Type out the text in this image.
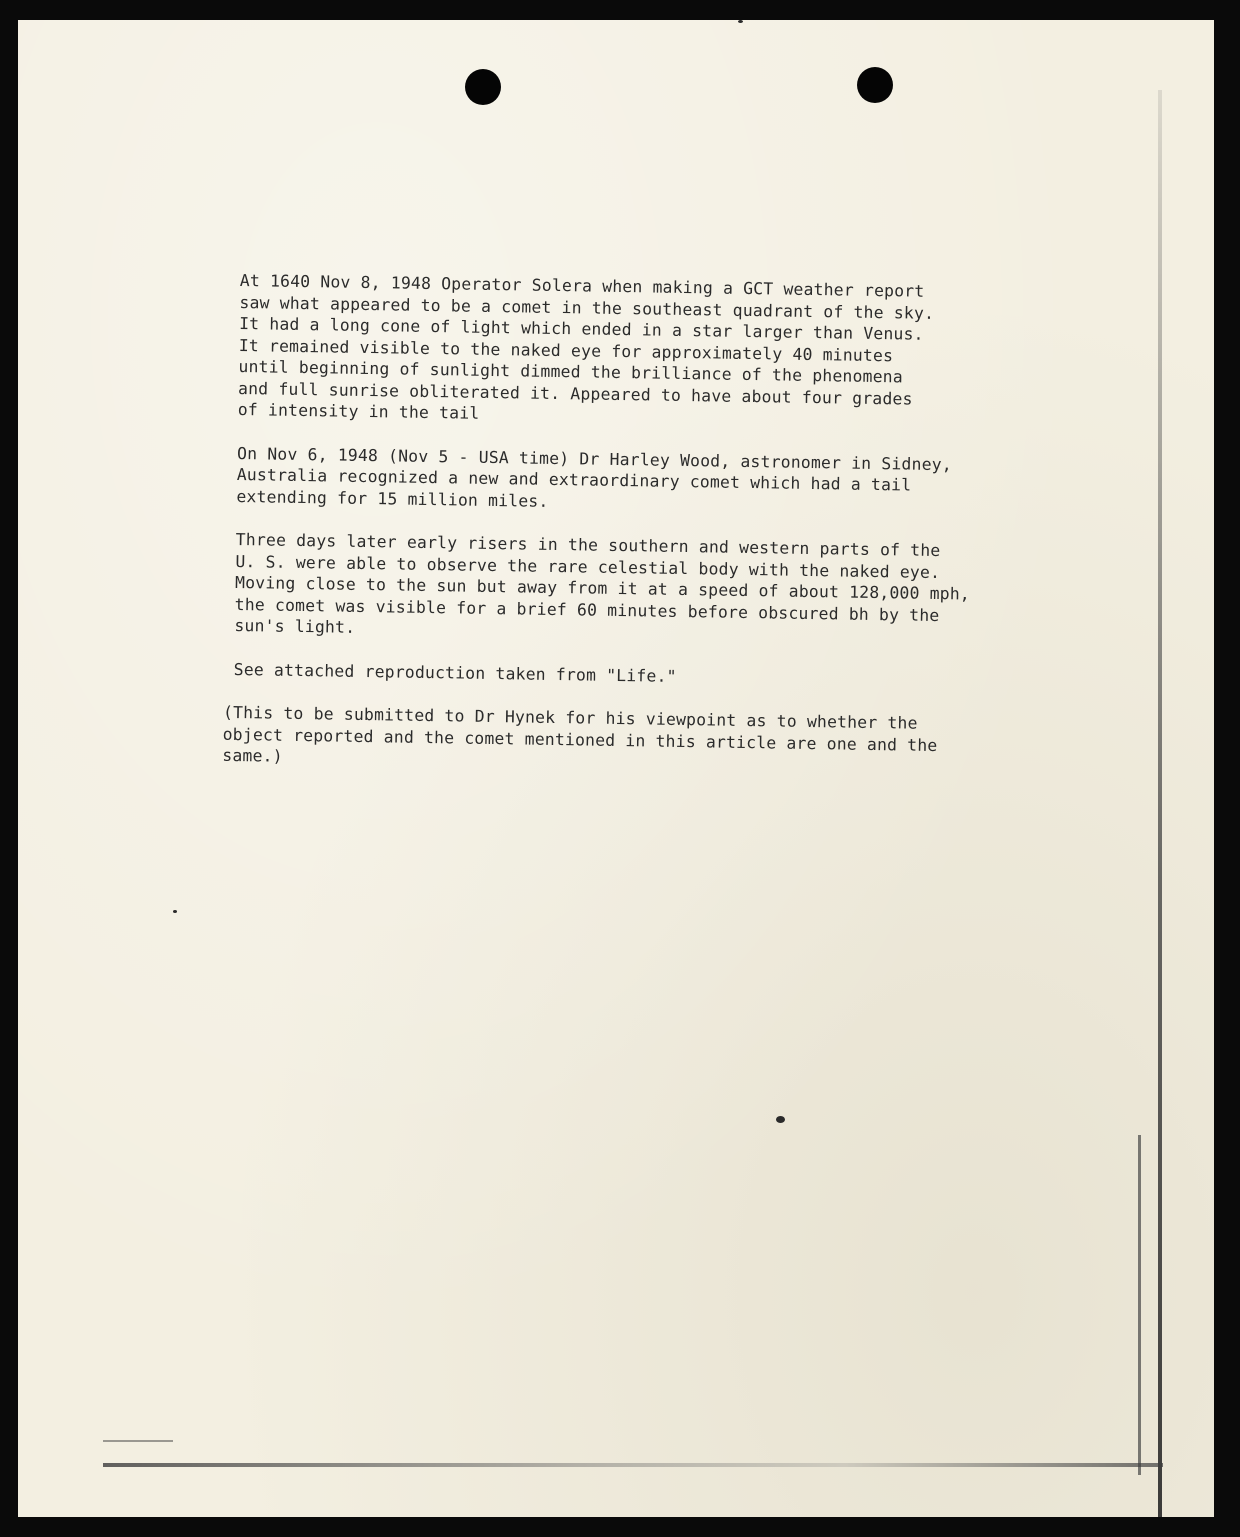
At 1640 Nov 8, 1948 Operator Solera when making a GCT weather report
saw what appeared to be a comet in the southeast quadrant of the sky.
It had a long cone of light which ended in a star larger than Venus.
It remained visible to the naked eye for approximately 40 minutes
until beginning of sunlight dimmed the brilliance of the phenomena
and full sunrise obliterated it. Appeared to have about four grades
of intensity in the tail

On Nov 6, 1948 (Nov 5 - USA time) Dr Harley Wood, astronomer in Sidney,
Australia recognized a new and extraordinary comet which had a tail
extending for 15 million miles.

Three days later early risers in the southern and western parts of the
U. S. were able to observe the rare celestial body with the naked eye.
Moving close to the sun but away from it at a speed of about 128,000 mph,
the comet was visible for a brief 60 minutes before obscured bh by the
sun's light.

See attached reproduction taken from "Life."

(This to be submitted to Dr Hynek for his viewpoint as to whether the
object reported and the comet mentioned in this article are one and the
same.)
